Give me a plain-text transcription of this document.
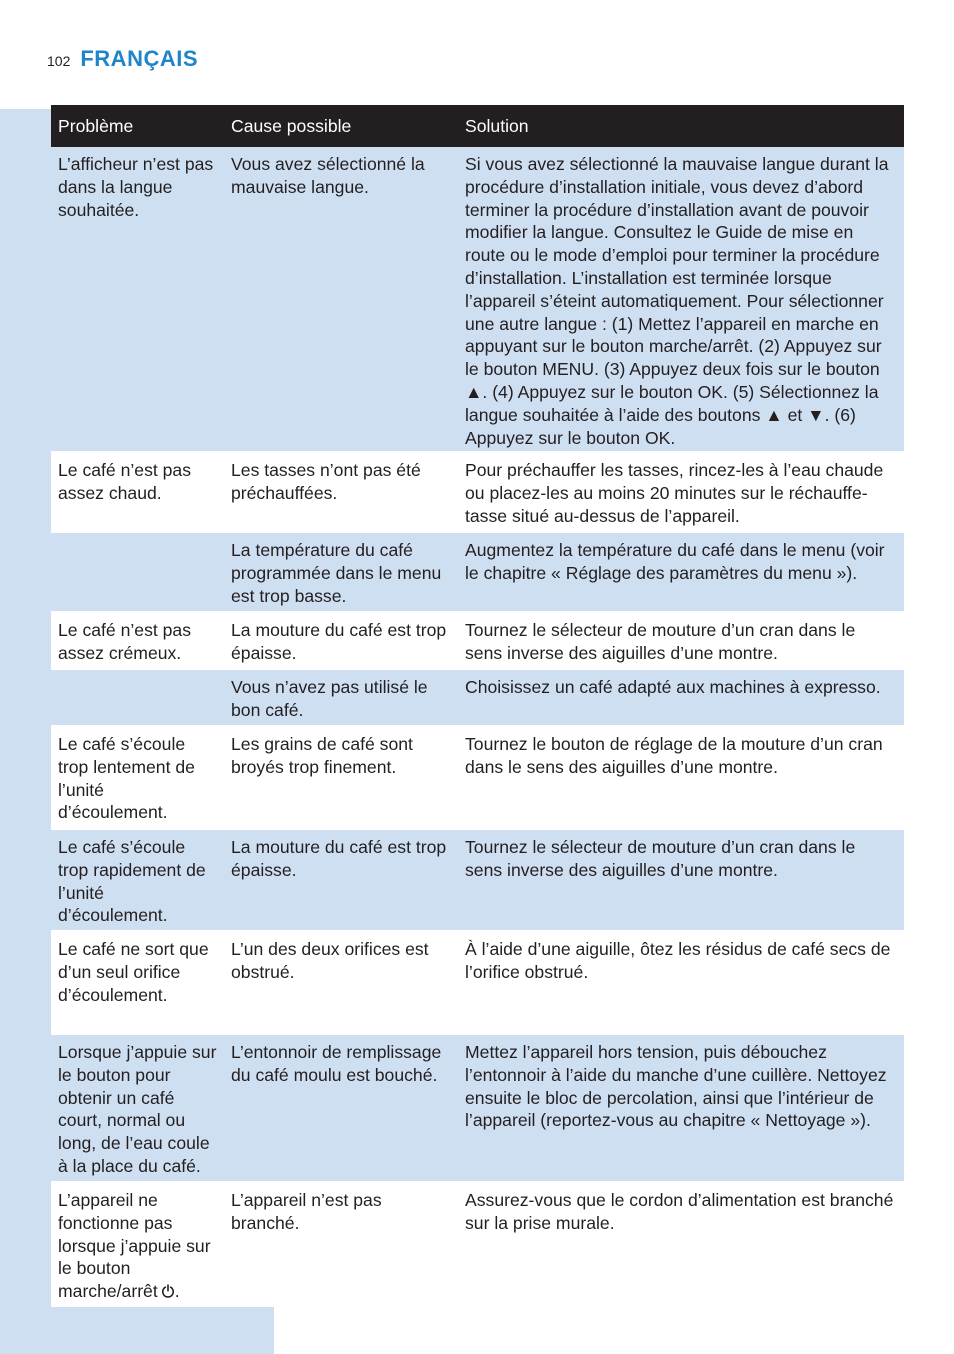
102 FRANÇAIS
Problème	Cause possible	Solution
L’afficheur n’est pas dans la langue souhaitée.
Vous avez sélectionné la mauvaise langue.
Si vous avez sélectionné la mauvaise langue durant la procédure d’installation initiale, vous devez d’abord terminer la procédure d’installation avant de pouvoir modifier la langue. Consultez le Guide de mise en route ou le mode d’emploi pour terminer la procédure d’installation. L’installation est terminée lorsque l’appareil s’éteint automatiquement. Pour sélectionner une autre langue : (1) Mettez l’appareil en marche en appuyant sur le bouton marche/arrêt. (2) Appuyez sur le bouton MENU. (3) Appuyez deux fois sur le bouton ▲. (4) Appuyez sur le bouton OK. (5) Sélectionnez la langue souhaitée à l’aide des boutons ▲ et ▼. (6) Appuyez sur le bouton OK.
Le café n’est pas assez chaud.
Les tasses n’ont pas été préchauffées.
Pour préchauffer les tasses, rincez-les à l’eau chaude ou placez-les au moins 20 minutes sur le réchauffe-tasse situé au-dessus de l’appareil.
La température du café programmée dans le menu est trop basse.
Augmentez la température du café dans le menu (voir le chapitre « Réglage des paramètres du menu »).
Le café n’est pas assez crémeux.
La mouture du café est trop épaisse.
Tournez le sélecteur de mouture d’un cran dans le sens inverse des aiguilles d’une montre.
Vous n’avez pas utilisé le bon café.
Choisissez un café adapté aux machines à expresso.
Le café s’écoule trop lentement de l’unité d’écoulement.
Les grains de café sont broyés trop finement.
Tournez le bouton de réglage de la mouture d’un cran dans le sens des aiguilles d’une montre.
Le café s’écoule trop rapidement de l’unité d’écoulement.
La mouture du café est trop épaisse.
Tournez le sélecteur de mouture d’un cran dans le sens inverse des aiguilles d’une montre.
Le café ne sort que d’un seul orifice d’écoulement.
L’un des deux orifices est obstrué.
À l’aide d’une aiguille, ôtez les résidus de café secs de l’orifice obstrué.
Lorsque j’appuie sur le bouton pour obtenir un café court, normal ou long, de l’eau coule à la place du café.
L’entonnoir de remplissage du café moulu est bouché.
Mettez l’appareil hors tension, puis débouchez l’entonnoir à l’aide du manche d’une cuillère. Nettoyez ensuite le bloc de percolation, ainsi que l’intérieur de l’appareil (reportez-vous au chapitre « Nettoyage »).
L’appareil ne fonctionne pas lorsque j’appuie sur le bouton marche/arrêt .
L’appareil n’est pas branché.
Assurez-vous que le cordon d’alimentation est branché sur la prise murale.
